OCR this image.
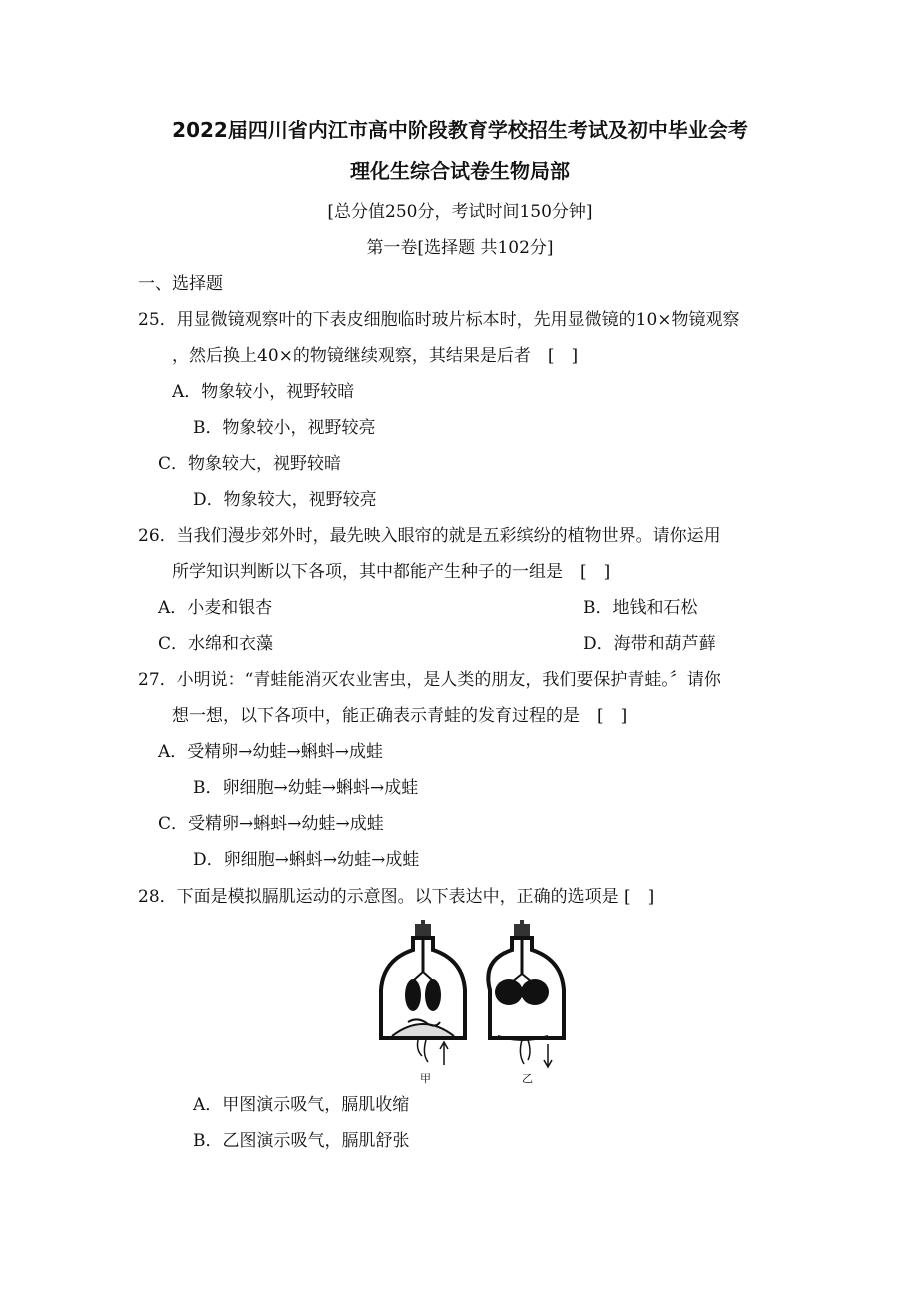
2022届四川省内江市高中阶段教育学校招生考试及初中毕业会考
理化生综合试卷生物局部
[总分值250分，考试时间150分钟]
第一卷[选择题 共102分]
一、选择题
25．用显微镜观察叶的下表皮细胞临时玻片标本时，先用显微镜的10×物镜观察
，然后换上40×的物镜继续观察，其结果是后者　[　]
A．物象较小，视野较暗
B．物象较小，视野较亮
C．物象较大，视野较暗
D．物象较大，视野较亮
26．当我们漫步郊外时，最先映入眼帘的就是五彩缤纷的植物世界。请你运用
所学知识判断以下各项，其中都能产生种子的一组是　[　]
A．小麦和银杏	B．地钱和石松
C．水绵和衣藻	D．海带和葫芦藓
27．小明说：“青蛙能消灭农业害虫，是人类的朋友，我们要保护青蛙。〞请你
想一想，以下各项中，能正确表示青蛙的发育过程的是　[　]
A．受精卵→幼蛙→蝌蚪→成蛙
B．卵细胞→幼蛙→蝌蚪→成蛙
C．受精卵→蝌蚪→幼蛙→成蛙
D．卵细胞→蝌蚪→幼蛙→成蛙
28．下面是模拟膈肌运动的示意图。以下表达中，正确的选项是 [　]
甲	乙
A．甲图演示吸气，膈肌收缩
B．乙图演示吸气，膈肌舒张
